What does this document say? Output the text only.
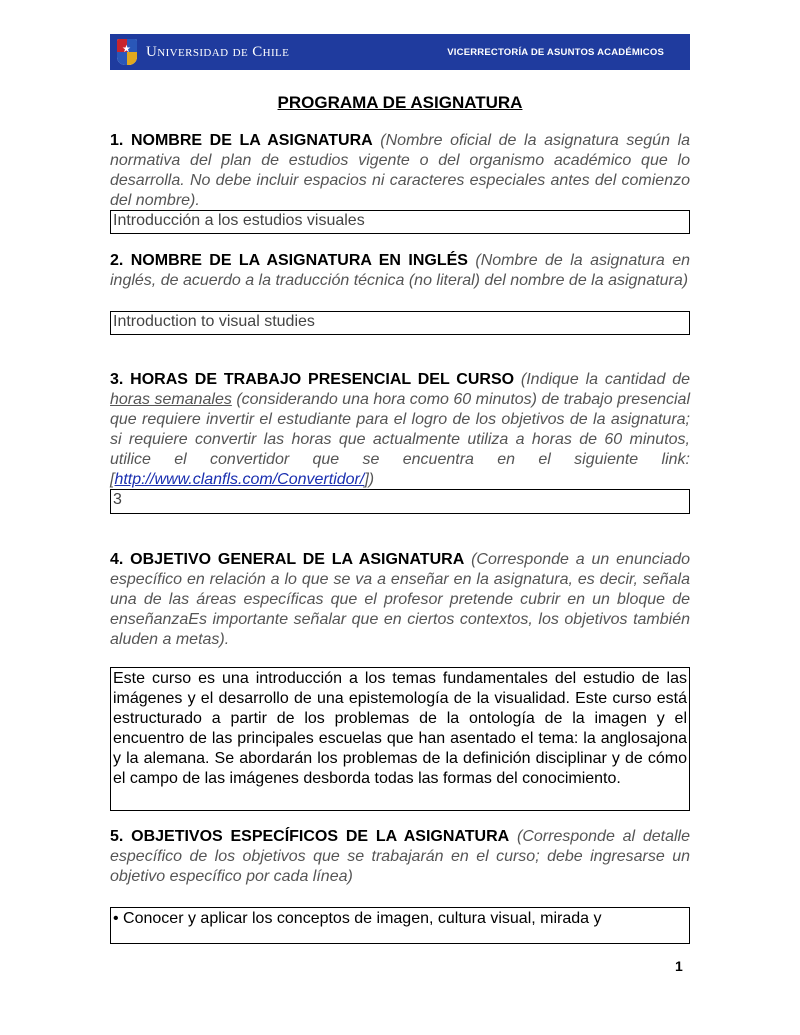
★ Universidad de Chile	VICERRECTORÍA DE ASUNTOS ACADÉMICOS
PROGRAMA DE ASIGNATURA
1. NOMBRE DE LA ASIGNATURA (Nombre oficial de la asignatura según la normativa del plan de estudios vigente o del organismo académico que lo desarrolla. No debe incluir espacios ni caracteres especiales antes del comienzo del nombre).
Introducción a los estudios visuales
2. NOMBRE DE LA ASIGNATURA EN INGLÉS (Nombre de la asignatura en inglés, de acuerdo a la traducción técnica (no literal) del nombre de la asignatura)
Introduction to visual studies
3. HORAS DE TRABAJO PRESENCIAL DEL CURSO (Indique la cantidad de horas semanales (considerando una hora como 60 minutos) de trabajo presencial que requiere invertir el estudiante para el logro de los objetivos de la asignatura; si requiere convertir las horas que actualmente utiliza a horas de 60 minutos, utilice el convertidor que se encuentra en el siguiente link: [http://www.clanfls.com/Convertidor/])
3
4. OBJETIVO GENERAL DE LA ASIGNATURA (Corresponde a un enunciado específico en relación a lo que se va a enseñar en la asignatura, es decir, señala una de las áreas específicas que el profesor pretende cubrir en un bloque de enseñanzaEs importante señalar que en ciertos contextos, los objetivos también aluden a metas).
Este curso es una introducción a los temas fundamentales del estudio de las imágenes y el desarrollo de una epistemología de la visualidad. Este curso está estructurado a partir de los problemas de la ontología de la imagen y el encuentro de las principales escuelas que han asentado el tema: la anglosajona y la alemana. Se abordarán los problemas de la definición disciplinar y de cómo el campo de las imágenes desborda todas las formas del conocimiento.
5. OBJETIVOS ESPECÍFICOS DE LA ASIGNATURA (Corresponde al detalle específico de los objetivos que se trabajarán en el curso; debe ingresarse un objetivo específico por cada línea)
• Conocer y aplicar los conceptos de imagen, cultura visual, mirada y
1
